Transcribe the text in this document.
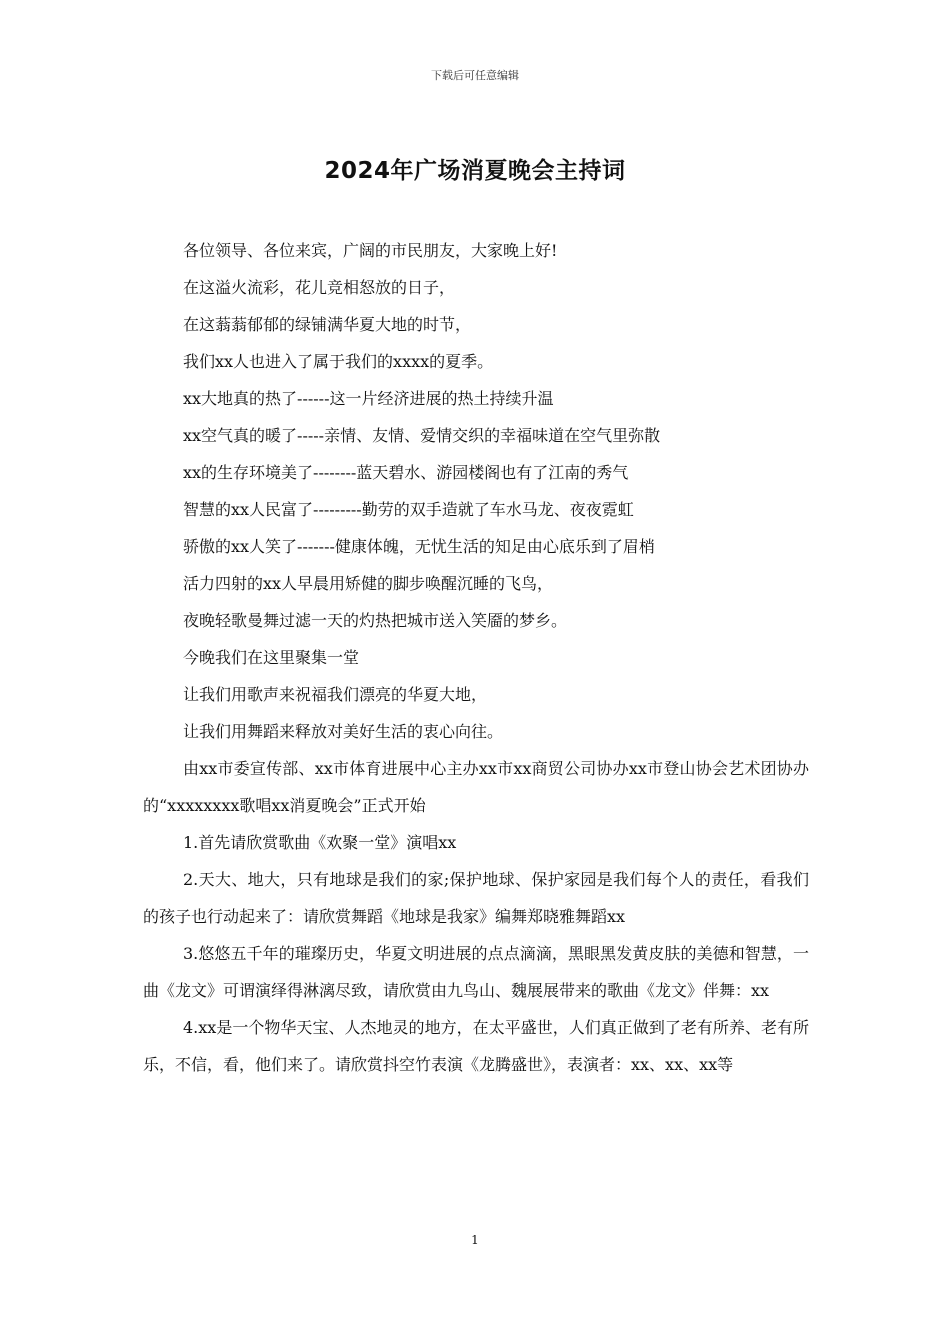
下载后可任意编辑
2024年广场消夏晚会主持词
各位领导、各位来宾，广阔的市民朋友，大家晚上好!
在这溢火流彩，花儿竞相怒放的日子，
在这蓊蓊郁郁的绿铺满华夏大地的时节，
我们xx人也进入了属于我们的xxxx的夏季。
xx大地真的热了------这一片经济进展的热土持续升温
xx空气真的暖了-----亲情、友情、爱情交织的幸福味道在空气里弥散
xx的生存环境美了--------蓝天碧水、游园楼阁也有了江南的秀气
智慧的xx人民富了---------勤劳的双手造就了车水马龙、夜夜霓虹
骄傲的xx人笑了-------健康体魄，无忧生活的知足由心底乐到了眉梢
活力四射的xx人早晨用矫健的脚步唤醒沉睡的飞鸟，
夜晚轻歌曼舞过滤一天的灼热把城市送入笑靥的梦乡。
今晚我们在这里聚集一堂
让我们用歌声来祝福我们漂亮的华夏大地，
让我们用舞蹈来释放对美好生活的衷心向往。
由xx市委宣传部、xx市体育进展中心主办xx市xx商贸公司协办xx市登山协会艺术团协办的“xxxxxxxx歌唱xx消夏晚会”正式开始
1.首先请欣赏歌曲《欢聚一堂》演唱xx
2.天大、地大，只有地球是我们的家;保护地球、保护家园是我们每个人的责任，看我们的孩子也行动起来了：请欣赏舞蹈《地球是我家》编舞郑晓雅舞蹈xx
3.悠悠五千年的璀璨历史，华夏文明进展的点点滴滴，黑眼黑发黄皮肤的美德和智慧，一曲《龙文》可谓演绎得淋漓尽致，请欣赏由九鸟山、魏展展带来的歌曲《龙文》伴舞：xx
4.xx是一个物华天宝、人杰地灵的地方，在太平盛世，人们真正做到了老有所养、老有所乐，不信，看，他们来了。请欣赏抖空竹表演《龙腾盛世》，表演者：xx、xx、xx等
1
